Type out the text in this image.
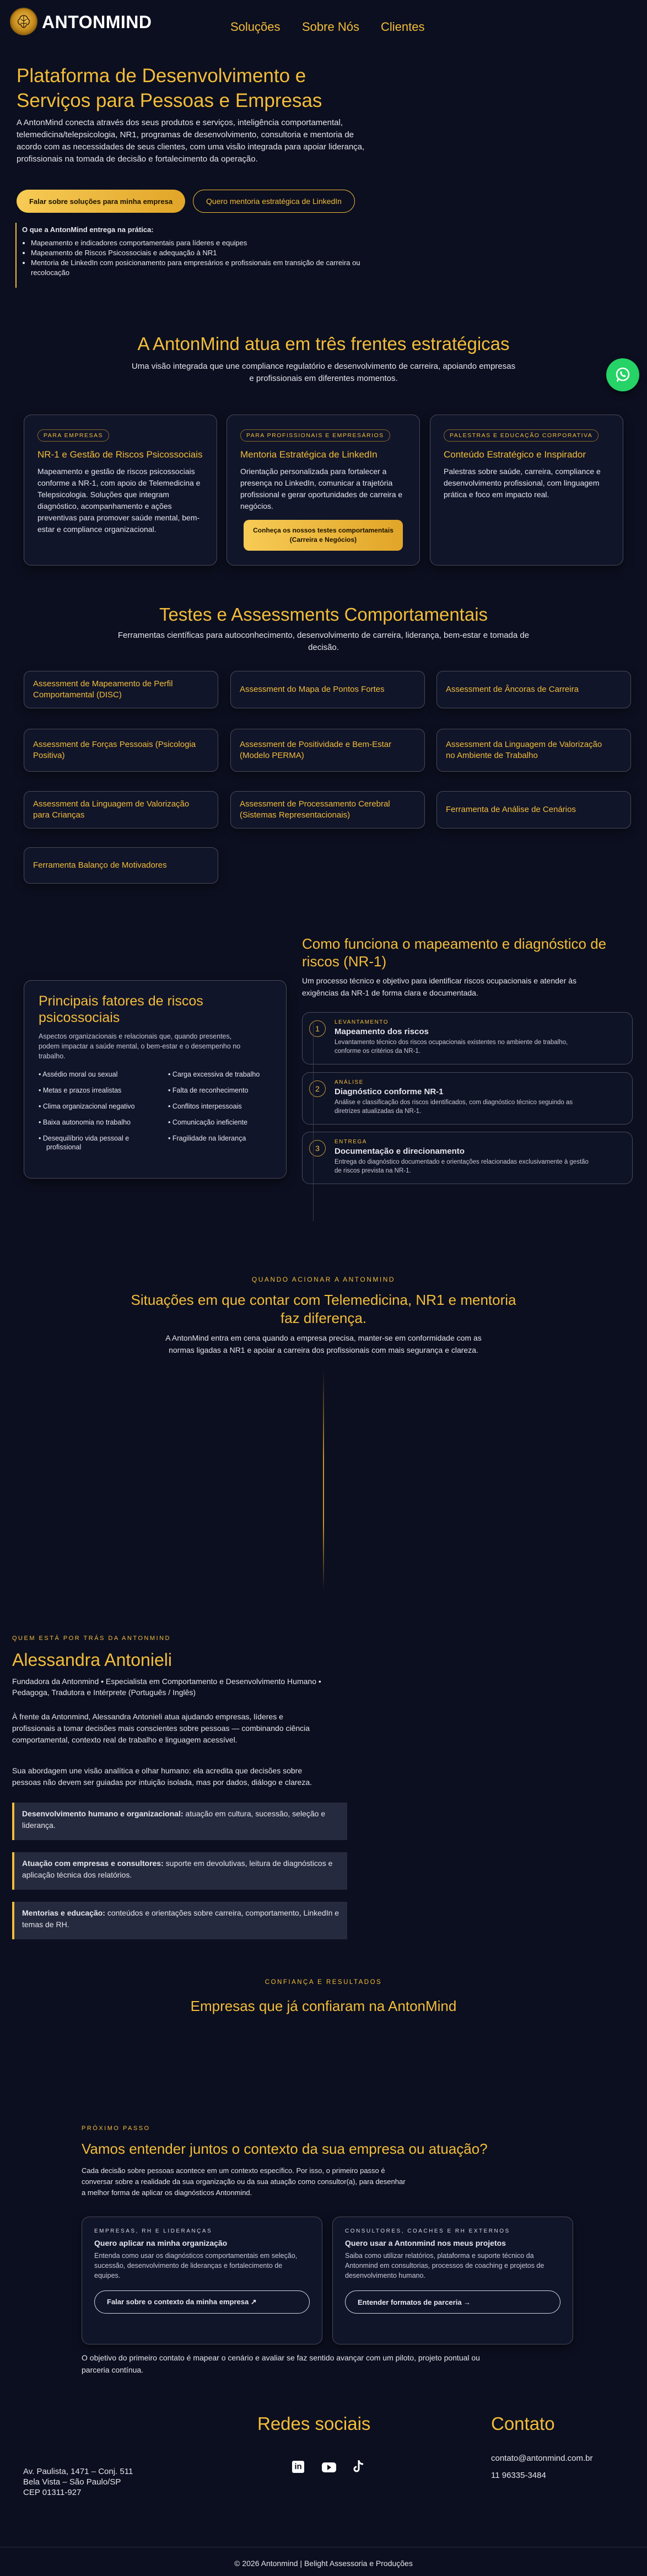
ANTONMIND	Soluções Sobre Nós Clientes
Plataforma de Desenvolvimento e
Serviços para Pessoas e Empresas
A AntonMind conecta através dos seus produtos e serviços, inteligência comportamental,
telemedicina/telepsicologia, NR1, programas de desenvolvimento, consultoria e mentoria de
acordo com as necessidades de seus clientes, com uma visão integrada para apoiar liderança,
profissionais na tomada de decisão e fortalecimento da operação.
Falar sobre soluções para minha empresa	Quero mentoria estratégica de LinkedIn
O que a AntonMind entrega na prática:
• Mapeamento e indicadores comportamentais para líderes e equipes
• Mapeamento de Riscos Psicossociais e adequação à NR1
• Mentoria de LinkedIn com posicionamento para empresários e profissionais em transição de carreira ou
recolocação
A AntonMind atua em três frentes estratégicas
Uma visão integrada que une compliance regulatório e desenvolvimento de carreira, apoiando empresas
e profissionais em diferentes momentos.
PARA EMPRESAS
NR-1 e Gestão de Riscos Psicossociais

Mapeamento e gestão de riscos psicossociais
conforme a NR-1, com apoio de Telemedicina e
Telepsicologia. Soluções que integram
diagnóstico, acompanhamento e ações
preventivas para promover saúde mental, bem-
estar e compliance organizacional.

PARA PROFISSIONAIS E EMPRESÁRIOS
Mentoria Estratégica de LinkedIn

Orientação personalizada para fortalecer a
presença no LinkedIn, comunicar a trajetória
profissional e gerar oportunidades de carreira e
negócios.

Conheça os nossos testes comportamentais
(Carreira e Negócios)
PALESTRAS E EDUCAÇÃO CORPORATIVA
Conteúdo Estratégico e Inspirador

Palestras sobre saúde, carreira, compliance e
desenvolvimento profissional, com linguagem
prática e foco em impacto real.

Testes e Assessments Comportamentais
Ferramentas científicas para autoconhecimento, desenvolvimento de carreira, liderança, bem-estar e tomada de
decisão.
Assessment de Mapeamento de Perfil
Comportamental (DISC)
Assessment do Mapa de Pontos Fortes	Assessment de Âncoras de Carreira
Assessment de Forças Pessoais (Psicologia
Positiva)
Assessment de Positividade e Bem-Estar
(Modelo PERMA)
Assessment da Linguagem de Valorização
no Ambiente de Trabalho
Assessment da Linguagem de Valorização
para Crianças
Assessment de Processamento Cerebral
(Sistemas Representacionais)
Ferramenta de Análise de Cenários
Ferramenta Balanço de Motivadores
Principais fatores de riscos
psicossociais
Aspectos organizacionais e relacionais que, quando presentes,
podem impactar a saúde mental, o bem-estar e o desempenho no
trabalho.
• Assédio moral ou sexual
• Metas e prazos irrealistas
• Clima organizacional negativo
• Baixa autonomia no trabalho
• Desequilíbrio vida pessoal e
profissional
• Carga excessiva de trabalho
• Falta de reconhecimento
• Conflitos interpessoais
• Comunicação ineficiente
• Fragilidade na liderança
Como funciona o mapeamento e diagnóstico de
riscos (NR-1)
Um processo técnico e objetivo para identificar riscos ocupacionais e atender às
exigências da NR-1 de forma clara e documentada.
1
LEVANTAMENTO
Mapeamento dos riscos
Levantamento técnico dos riscos ocupacionais existentes no ambiente de trabalho,
conforme os critérios da NR-1.
2
ANÁLISE
Diagnóstico conforme NR-1
Análise e classificação dos riscos identificados, com diagnóstico técnico seguindo as
diretrizes atualizadas da NR-1.
3
ENTREGA
Documentação e direcionamento
Entrega do diagnóstico documentado e orientações relacionadas exclusivamente à gestão
de riscos prevista na NR-1.
QUANDO ACIONAR A ANTONMIND
Situações em que contar com Telemedicina, NR1 e mentoria
faz diferença.
A AntonMind entra em cena quando a empresa precisa, manter-se em conformidade com as
normas ligadas a NR1 e apoiar a carreira dos profissionais com mais segurança e clareza.
QUEM ESTÁ POR TRÁS DA ANTONMIND
Alessandra Antonieli
Fundadora da Antonmind • Especialista em Comportamento e Desenvolvimento Humano •
Pedagoga, Tradutora e Intérprete (Português / Inglês)
À frente da Antonmind, Alessandra Antonieli atua ajudando empresas, líderes e
profissionais a tomar decisões mais conscientes sobre pessoas — combinando ciência
comportamental, contexto real de trabalho e linguagem acessível.
Sua abordagem une visão analítica e olhar humano: ela acredita que decisões sobre
pessoas não devem ser guiadas por intuição isolada, mas por dados, diálogo e clareza.
Desenvolvimento humano e organizacional: atuação em cultura, sucessão, seleção e
liderança.
Atuação com empresas e consultores: suporte em devolutivas, leitura de diagnósticos e
aplicação técnica dos relatórios.
Mentorias e educação: conteúdos e orientações sobre carreira, comportamento, LinkedIn e
temas de RH.
CONFIANÇA E RESULTADOS
Empresas que já confiaram na AntonMind
PRÓXIMO PASSO
Vamos entender juntos o contexto da sua empresa ou atuação?
Cada decisão sobre pessoas acontece em um contexto específico. Por isso, o primeiro passo é
conversar sobre a realidade da sua organização ou da sua atuação como consultor(a), para desenhar
a melhor forma de aplicar os diagnósticos Antonmind.
EMPRESAS, RH E LIDERANÇAS
Quero aplicar na minha organização
Entenda como usar os diagnósticos comportamentais em seleção,
sucessão, desenvolvimento de lideranças e fortalecimento de
equipes.
Falar sobre o contexto da minha empresa ↗
CONSULTORES, COACHES E RH EXTERNOS
Quero usar a Antonmind nos meus projetos
Saiba como utilizar relatórios, plataforma e suporte técnico da
Antonmind em consultorias, processos de coaching e projetos de
desenvolvimento humano.
Entender formatos de parceria →
O objetivo do primeiro contato é mapear o cenário e avaliar se faz sentido avançar com um piloto, projeto pontual ou
parceria contínua.
Redes sociais	Contato
Av. Paulista, 1471 – Conj. 511
Bela Vista – São Paulo/SP
CEP 01311-927
in
contato@antonmind.com.br
11 96335-3484
© 2026 Antonmind | Belight Assessoria e Produções
